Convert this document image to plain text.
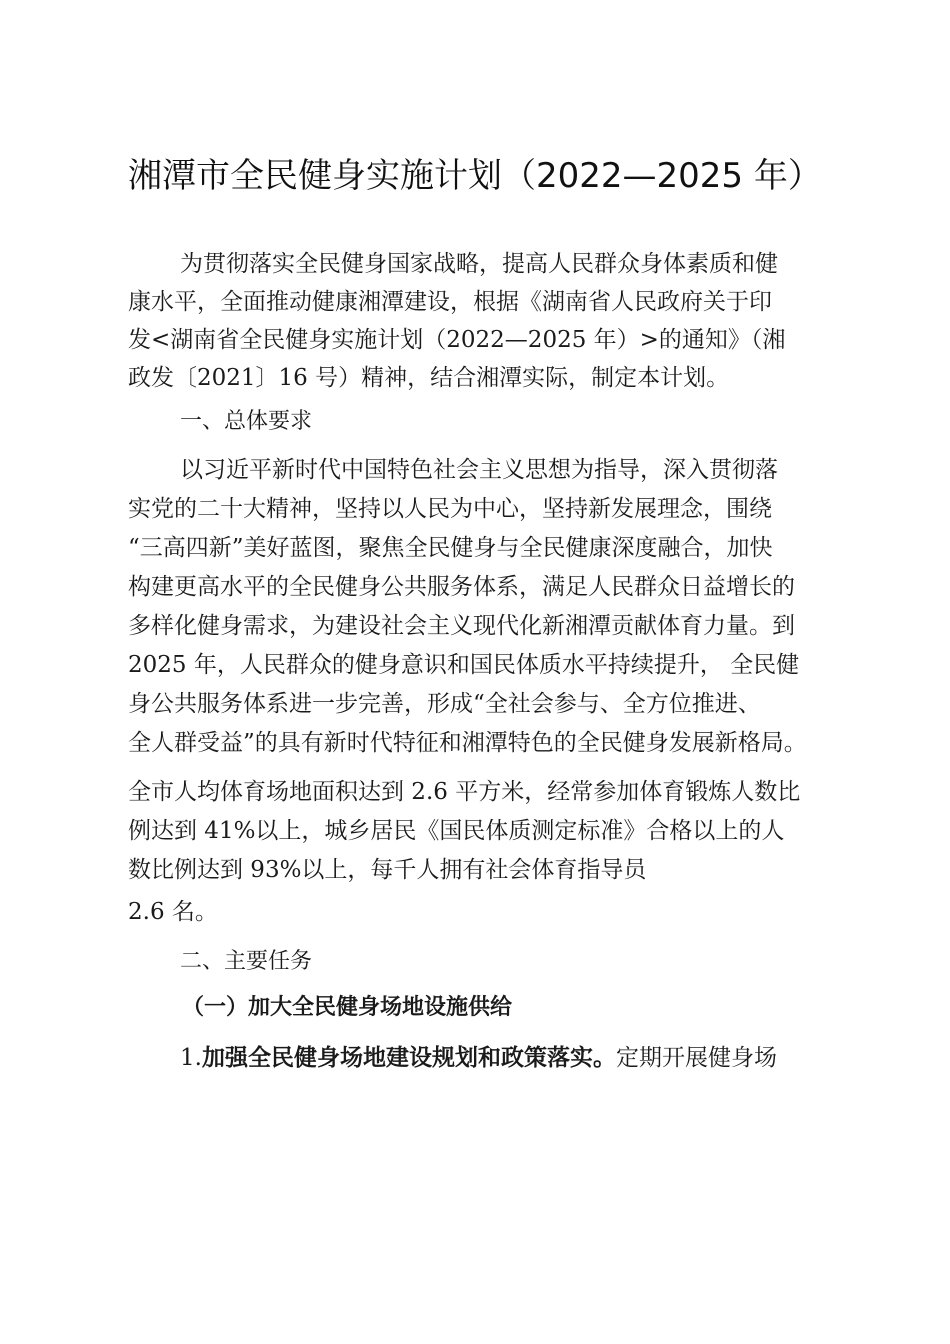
湘潭市全民健身实施计划（2022—2025 年）
为贯彻落实全民健身国家战略，提高人民群众身体素质和健
康水平，全面推动健康湘潭建设，根据《湖南省人民政府关于印
发<湖南省全民健身实施计划（2022—2025 年）>的通知》（湘
政发〔2021〕16 号）精神，结合湘潭实际，制定本计划。
一、总体要求
以习近平新时代中国特色社会主义思想为指导，深入贯彻落
实党的二十大精神，坚持以人民为中心，坚持新发展理念，围绕
“三高四新”美好蓝图，聚焦全民健身与全民健康深度融合，加快
构建更高水平的全民健身公共服务体系，满足人民群众日益增长的
多样化健身需求，为建设社会主义现代化新湘潭贡献体育力量。到
2025 年，人民群众的健身意识和国民体质水平持续提升， 全民健
身公共服务体系进一步完善，形成“全社会参与、全方位推进、
全人群受益”的具有新时代特征和湘潭特色的全民健身发展新格局。
全市人均体育场地面积达到 2.6 平方米，经常参加体育锻炼人数比
例达到 41%以上，城乡居民《国民体质测定标准》合格以上的人
数比例达到 93%以上，每千人拥有社会体育指导员
2.6 名。
二、主要任务
（一）加大全民健身场地设施供给
1.加强全民健身场地建设规划和政策落实。定期开展健身场
